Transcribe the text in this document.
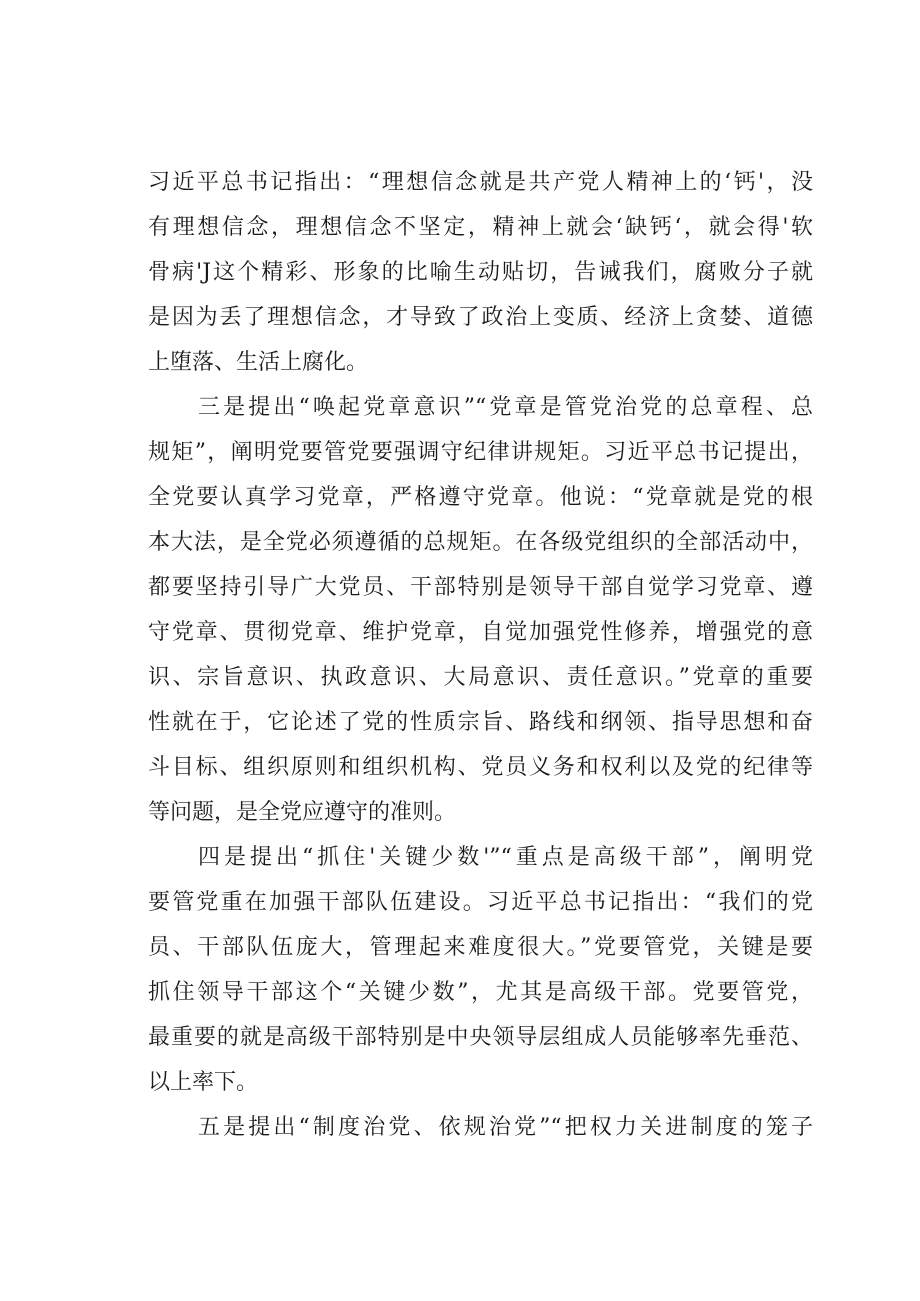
习近平总书记指出：“理想信念就是共产党人精神上的‘钙'，没
有理想信念，理想信念不坚定，精神上就会‘缺钙‘，就会得'软
骨病'J这个精彩、形象的比喻生动贴切，告诫我们，腐败分子就
是因为丢了理想信念，才导致了政治上变质、经济上贪婪、道德
上堕落、生活上腐化。
三是提出“唤起党章意识”“党章是管党治党的总章程、总
规矩”，阐明党要管党要强调守纪律讲规矩。习近平总书记提出，
全党要认真学习党章，严格遵守党章。他说：“党章就是党的根
本大法，是全党必须遵循的总规矩。在各级党组织的全部活动中，
都要坚持引导广大党员、干部特别是领导干部自觉学习党章、遵
守党章、贯彻党章、维护党章，自觉加强党性修养，增强党的意
识、宗旨意识、执政意识、大局意识、责任意识。”党章的重要
性就在于，它论述了党的性质宗旨、路线和纲领、指导思想和奋
斗目标、组织原则和组织机构、党员义务和权利以及党的纪律等
等问题，是全党应遵守的准则。
四是提出“抓住'关键少数'”“重点是高级干部”，阐明党
要管党重在加强干部队伍建设。习近平总书记指出：“我们的党
员、干部队伍庞大，管理起来难度很大。”党要管党，关键是要
抓住领导干部这个“关键少数”，尤其是高级干部。党要管党，
最重要的就是高级干部特别是中央领导层组成人员能够率先垂范、
以上率下。
五是提出“制度治党、依规治党”“把权力关进制度的笼子
